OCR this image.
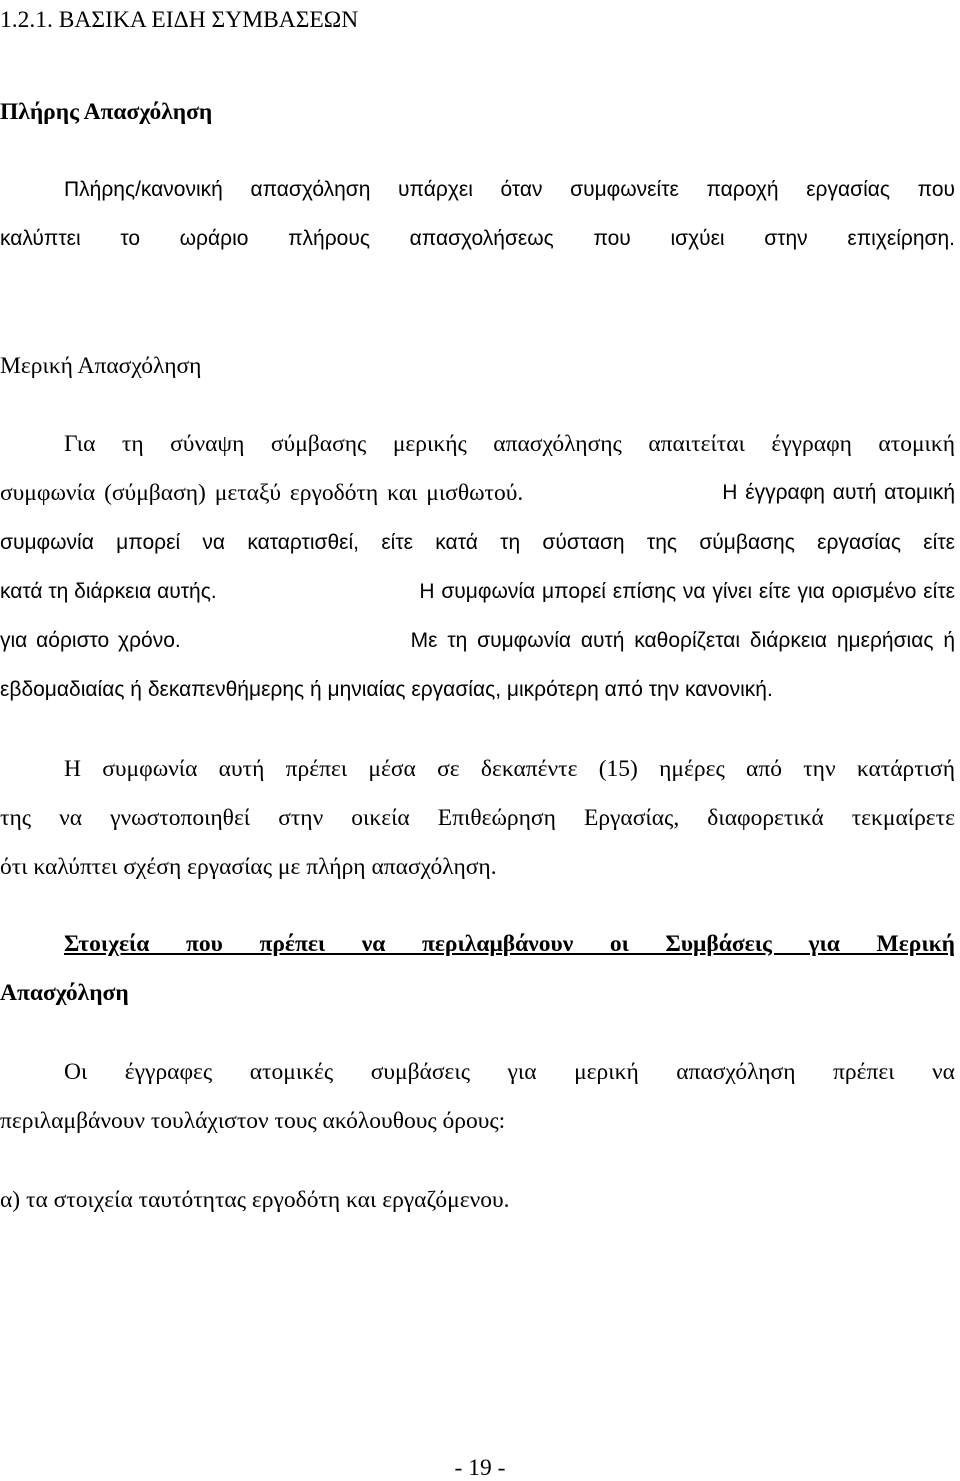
1.2.1. ΒΑΣΙΚΑ ΕΙΔΗ ΣΥΜΒΑΣΕΩΝ
Πλήρης Απασχόληση
Πλήρης/κανονική απασχόληση υπάρχει όταν συμφωνείτε παροχή εργασίας που
καλύπτει το ωράριο πλήρους απασχολήσεως που ισχύει στην επιχείρηση.
Μερική Απασχόληση
Για τη σύναψη σύμβασης μερικής απασχόλησης απαιτείται έγγραφη ατομική
συμφωνία (σύμβαση) μεταξύ εργοδότη και μισθωτού.	Η έγγραφη αυτή ατομική
συμφωνία μπορεί να καταρτισθεί, είτε κατά τη σύσταση της σύμβασης εργασίας είτε
κατά τη διάρκεια αυτής.	Η συμφωνία μπορεί επίσης να γίνει είτε για ορισμένο είτε
για αόριστο χρόνο.	Με τη συμφωνία αυτή καθορίζεται διάρκεια ημερήσιας ή
εβδομαδιαίας ή δεκαπενθήμερης ή μηνιαίας εργασίας, μικρότερη από την κανονική.
Η συμφωνία αυτή πρέπει μέσα σε δεκαπέντε (15) ημέρες από την κατάρτισή
της να γνωστοποιηθεί στην οικεία Επιθεώρηση Εργασίας, διαφορετικά τεκμαίρετε
ότι καλύπτει σχέση εργασίας με πλήρη απασχόληση.
Στοιχεία που πρέπει να περιλαμβάνουν οι Συμβάσεις για Μερική
Απασχόληση
Οι έγγραφες ατομικές συμβάσεις για μερική απασχόληση πρέπει να
περιλαμβάνουν τουλάχιστον τους ακόλουθους όρους:
α) τα στοιχεία ταυτότητας εργοδότη και εργαζόμενου.
- 19 -
